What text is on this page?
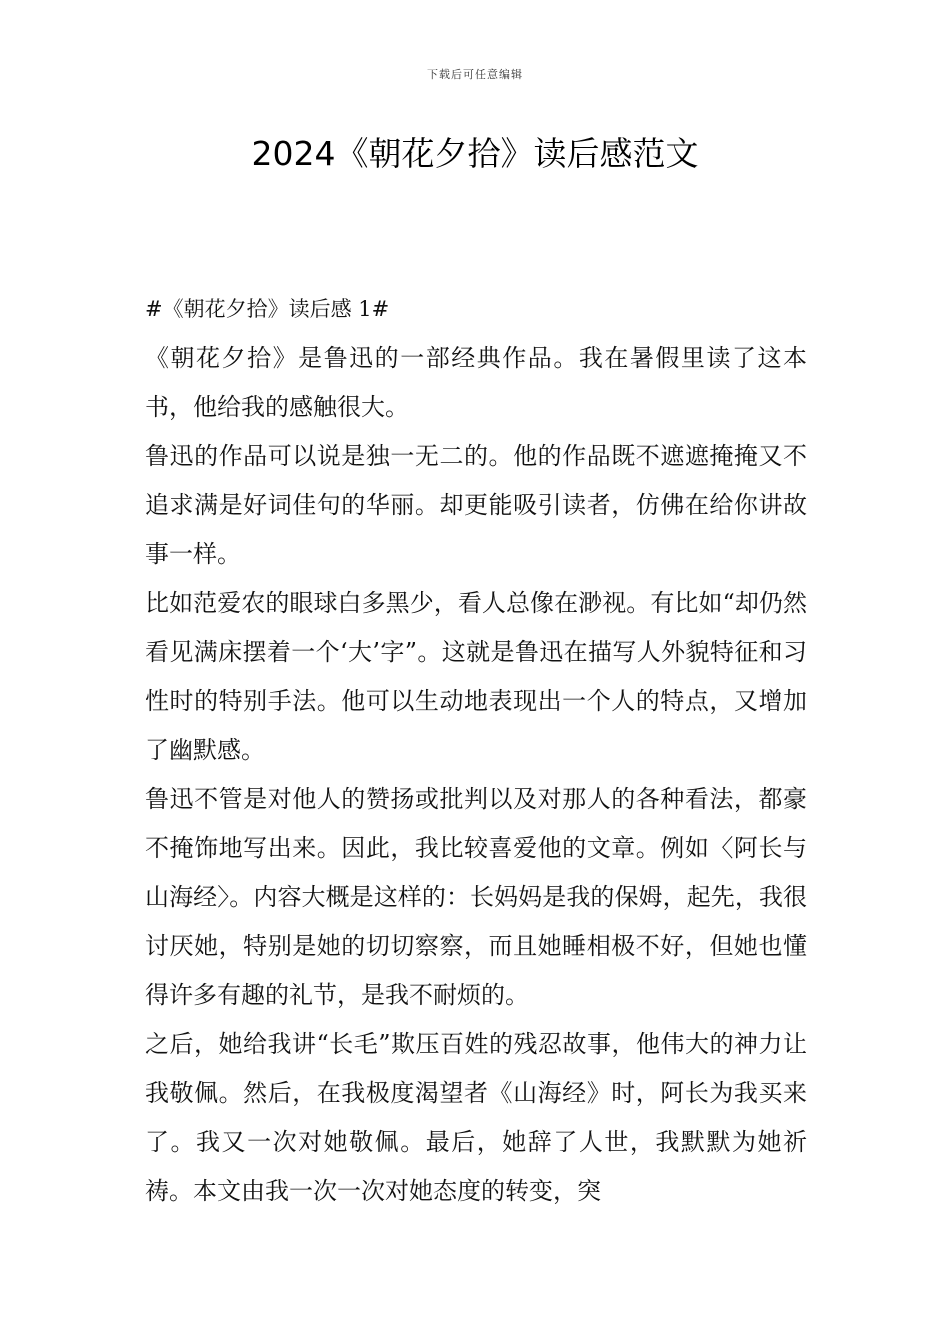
下载后可任意编辑
2024《朝花夕拾》读后感范文

#《朝花夕拾》读后感 1#

《朝花夕拾》是鲁迅的一部经典作品。我在暑假里读了这本书，他给我的感触很大。

鲁迅的作品可以说是独一无二的。他的作品既不遮遮掩掩又不追求满是好词佳句的华丽。却更能吸引读者，仿佛在给你讲故事一样。

比如范爱农的眼球白多黑少，看人总像在渺视。有比如“却仍然看见满床摆着一个‘大’字”。这就是鲁迅在描写人外貌特征和习性时的特别手法。他可以生动地表现出一个人的特点，又增加了幽默感。

鲁迅不管是对他人的赞扬或批判以及对那人的各种看法，都豪不掩饰地写出来。因此，我比较喜爱他的文章。例如〈阿长与山海经〉。内容大概是这样的：长妈妈是我的保姆，起先，我很讨厌她，特别是她的切切察察，而且她睡相极不好，但她也懂得许多有趣的礼节，是我不耐烦的。

之后，她给我讲“长毛”欺压百姓的残忍故事，他伟大的神力让我敬佩。然后，在我极度渴望者《山海经》时，阿长为我买来了。我又一次对她敬佩。最后，她辞了人世，我默默为她祈祷。本文由我一次一次对她态度的转变，突
